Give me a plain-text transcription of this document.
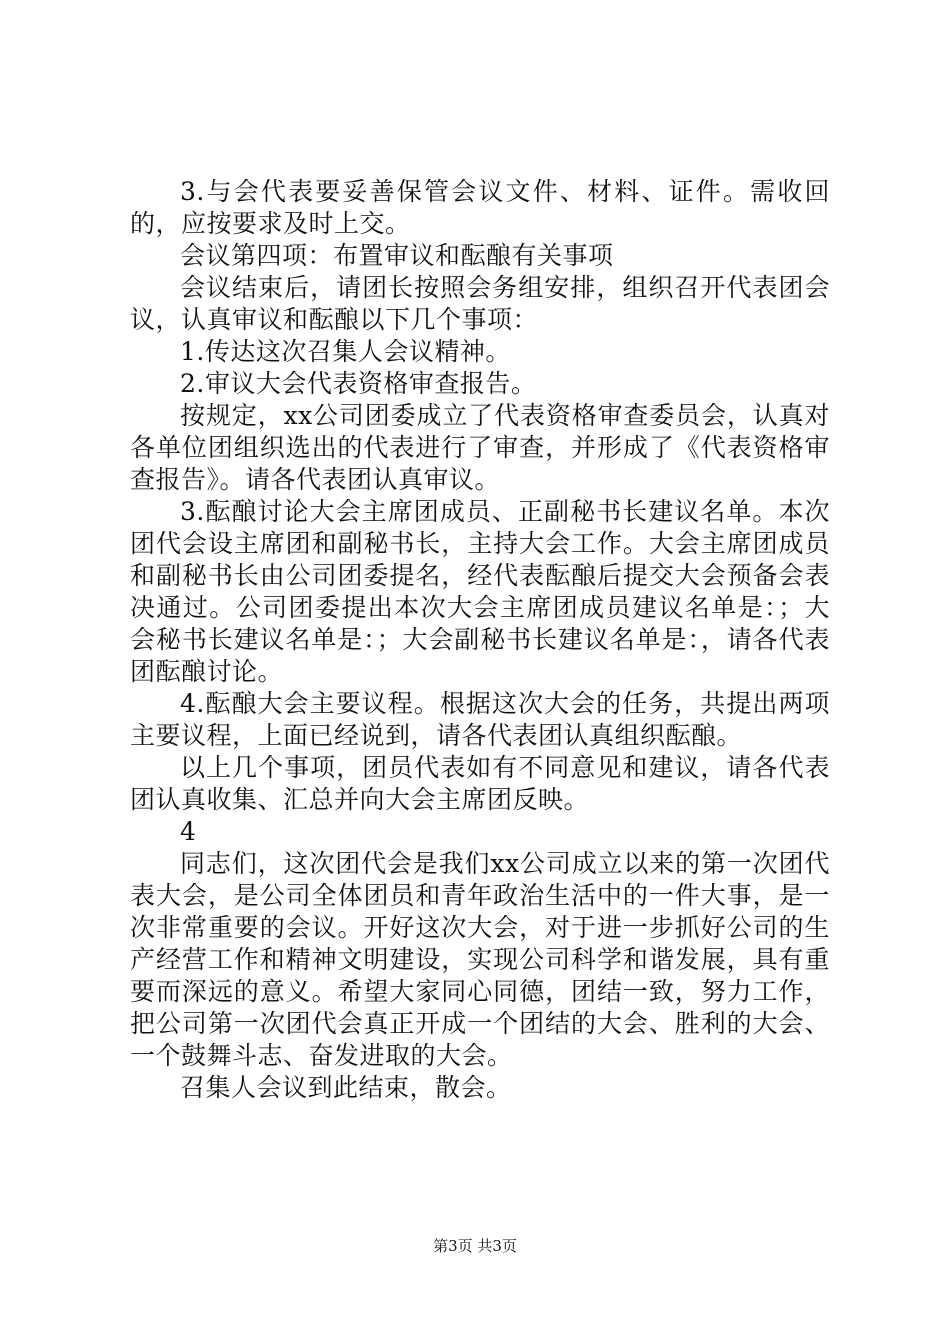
3.与会代表要妥善保管会议文件、材料、证件。需收回的，应按要求及时上交。

会议第四项：布置审议和酝酿有关事项

会议结束后，请团长按照会务组安排，组织召开代表团会议，认真审议和酝酿以下几个事项：

1.传达这次召集人会议精神。

2.审议大会代表资格审查报告。

按规定，xx公司团委成立了代表资格审查委员会，认真对各单位团组织选出的代表进行了审查，并形成了《代表资格审查报告》。请各代表团认真审议。

3.酝酿讨论大会主席团成员、正副秘书长建议名单。本次团代会设主席团和副秘书长，主持大会工作。大会主席团成员和副秘书长由公司团委提名，经代表酝酿后提交大会预备会表决通过。公司团委提出本次大会主席团成员建议名单是：；大会秘书长建议名单是：；大会副秘书长建议名单是：，请各代表团酝酿讨论。

4.酝酿大会主要议程。根据这次大会的任务，共提出两项主要议程，上面已经说到，请各代表团认真组织酝酿。

以上几个事项，团员代表如有不同意见和建议，请各代表团认真收集、汇总并向大会主席团反映。

4

同志们，这次团代会是我们xx公司成立以来的第一次团代表大会，是公司全体团员和青年政治生活中的一件大事，是一次非常重要的会议。开好这次大会，对于进一步抓好公司的生产经营工作和精神文明建设，实现公司科学和谐发展，具有重要而深远的意义。希望大家同心同德，团结一致，努力工作，把公司第一次团代会真正开成一个团结的大会、胜利的大会、一个鼓舞斗志、奋发进取的大会。

召集人会议到此结束，散会。

第3页 共3页
